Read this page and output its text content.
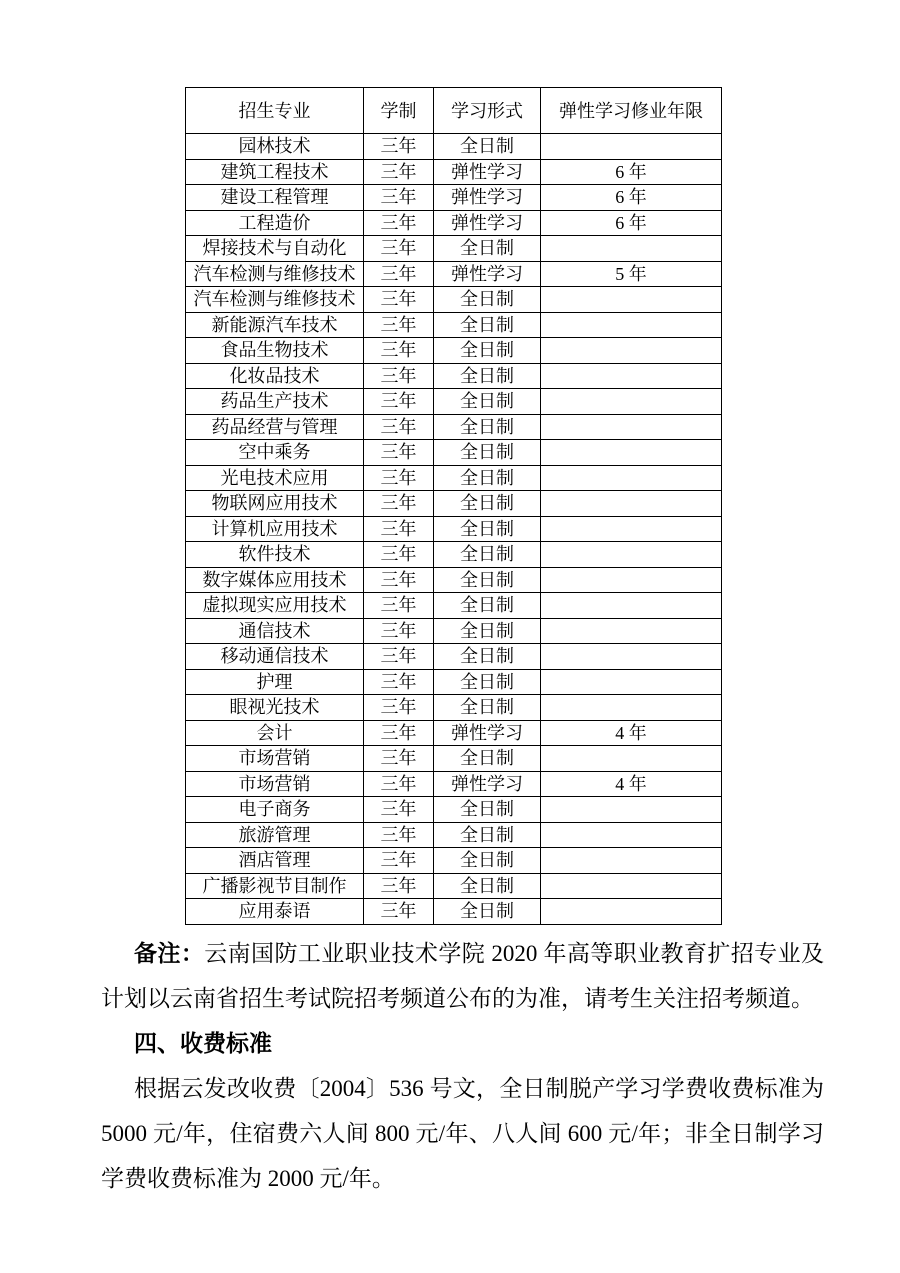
招生专业	学制	学习形式	弹性学习修业年限
园林技术	三年	全日制	
建筑工程技术	三年	弹性学习	6 年
建设工程管理	三年	弹性学习	6 年
工程造价	三年	弹性学习	6 年
焊接技术与自动化	三年	全日制	
汽车检测与维修技术	三年	弹性学习	5 年
汽车检测与维修技术	三年	全日制	
新能源汽车技术	三年	全日制	
食品生物技术	三年	全日制	
化妆品技术	三年	全日制	
药品生产技术	三年	全日制	
药品经营与管理	三年	全日制	
空中乘务	三年	全日制	
光电技术应用	三年	全日制	
物联网应用技术	三年	全日制	
计算机应用技术	三年	全日制	
软件技术	三年	全日制	
数字媒体应用技术	三年	全日制	
虚拟现实应用技术	三年	全日制	
通信技术	三年	全日制	
移动通信技术	三年	全日制	
护理	三年	全日制	
眼视光技术	三年	全日制	
会计	三年	弹性学习	4 年
市场营销	三年	全日制	
市场营销	三年	弹性学习	4 年
电子商务	三年	全日制	
旅游管理	三年	全日制	
酒店管理	三年	全日制	
广播影视节目制作	三年	全日制	
应用泰语	三年	全日制	

备注：云南国防工业职业技术学院 2020 年高等职业教育扩招专业及计划以云南省招生考试院招考频道公布的为准，请考生关注招考频道。

四、收费标准

根据云发改收费〔2004〕536 号文，全日制脱产学习学费收费标准为 5000 元/年，住宿费六人间 800 元/年、八人间 600 元/年；非全日制学习学费收费标准为 2000 元/年。
